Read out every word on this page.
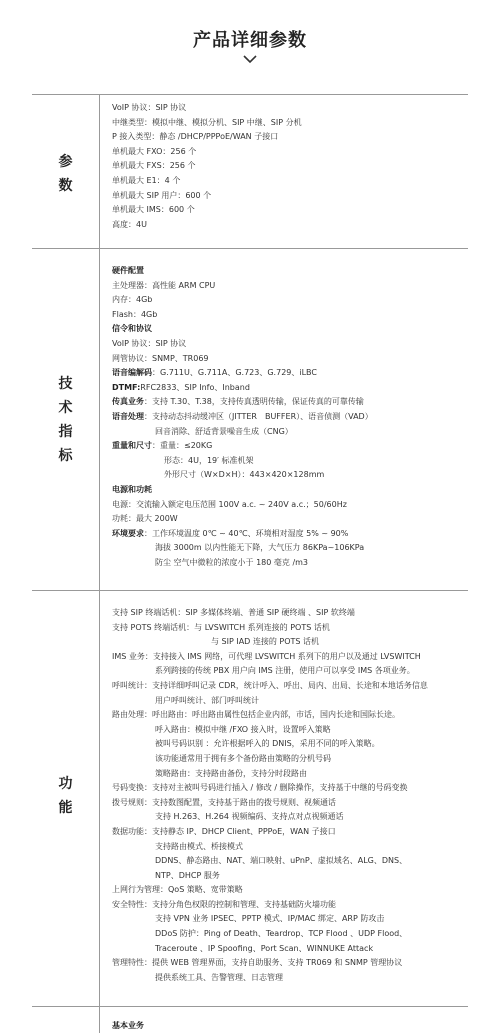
产品详细参数
参
数
VoIP 协议：SIP 协议
中继类型：模拟中继、模拟分机、SIP 中继、SIP 分机
P 接入类型：静态 /DHCP/PPPoE/WAN 子接口
单机最大 FXO：256 个
单机最大 FXS：256 个
单机最大 E1：4 个
单机最大 SIP 用户：600 个
单机最大 IMS：600 个
高度：4U
技
术
指
标
硬件配置
主处理器：高性能 ARM CPU
内存：4Gb
Flash：4Gb
信令和协议
VoIP 协议：SIP 协议
网管协议：SNMP、TR069
语音编解码：G.711U、G.711A、G.723、G.729、iLBC
DTMF:RFC2833、SIP Info、Inband
传真业务：支持 T.30、T.38，支持传真透明传输，保证传真的可靠传输
语音处理：支持动态抖动缓冲区（JITTER　BUFFER）、语音侦测（VAD）
回音消除、舒适背景噪音生成（CNG）
重量和尺寸：重量：≤20KG
形态：4U，19′ 标准机架
外形尺寸（W×D×H）：443×420×128mm
电源和功耗
电源：交流输入额定电压范围 100V a.c. ~ 240V a.c.；50/60Hz
功耗：最大 200W
环境要求：工作环境温度 0℃ ~ 40℃、环境相对湿度 5% ~ 90%
海拔 3000m 以内性能无下降，大气压力 86KPa~106KPa
防尘 空气中微粒的浓度小于 180 毫克 /m3
功
能
支持 SIP 终端话机：SIP 多媒体终端、普通 SIP 硬终端 、SIP 软终端
支持 POTS 终端话机：与 LVSWITCH 系列连接的 POTS 话机
与 SIP IAD 连接的 POTS 话机
IMS 业务：支持接入 IMS 网络，可代理 LVSWITCH 系列下的用户以及通过 LVSWITCH
系列跨接的传统 PBX 用户向 IMS 注册，使用户可以享受 IMS 各项业务。
呼叫统计：支持详细呼叫记录 CDR，统计呼入、呼出、局内、出局、长途和本地话务信息
用户呼叫统计、部门呼叫统计
路由处理：呼出路由：呼出路由属性包括企业内部，市话，国内长途和国际长途。
呼入路由：模拟中继 /FXO 接入时，设置呼入策略
被叫号码识别 ：允许根据呼入的 DNIS，采用不同的呼入策略。
该功能通常用于拥有多个备份路由策略的分机号码
策略路由：支持路由备份，支持分时段路由
号码变换：支持对主被叫号码进行插入 / 修改 / 删除操作，支持基于中继的号码变换
拨号规则：支持数图配置，支持基于路由的拨号规则、视频通话
支持 H.263、H.264 视频编码、支持点对点视频通话
数据功能：支持静态 IP、DHCP Client、PPPoE，WAN 子接口
支持路由模式、桥接模式
DDNS、静态路由、NAT、端口映射、uPnP、虚拟域名、ALG、DNS、
NTP、DHCP 服务
上网行为管理：QoS 策略、宽带策略
安全特性：支持分角色权限的控制和管理、支持基础防火墙功能
支持 VPN 业务 IPSEC、PPTP 模式、IP/MAC 绑定、ARP 防攻击
DDoS 防护：Ping of Death、Teardrop、TCP Flood 、UDP Flood、
Traceroute 、IP Spoofing、Port Scan、WINNUKE Attack
管理特性：提供 WEB 管理界面，支持自助服务、支持 TR069 和 SNMP 管理协议
提供系统工具、告警管理、日志管理
基本业务
